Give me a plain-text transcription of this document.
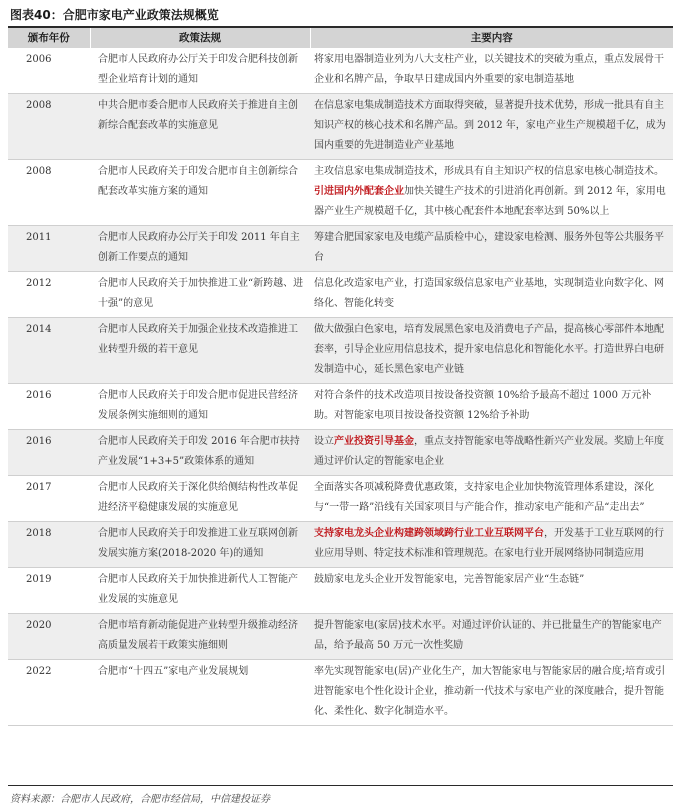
图表40：合肥市家电产业政策法规概览
颁布年份	政策法规	主要内容
2006	合肥市人民政府办公厅关于印发合肥科技创新型企业培育计划的通知	将家用电器制造业列为八大支柱产业，以关键技术的突破为重点，重点发展骨干企业和名牌产品，争取早日建成国内外重要的家电制造基地
2008	中共合肥市委合肥市人民政府关于推进自主创新综合配套改革的实施意见	在信息家电集成制造技术方面取得突破，显著提升技术优势，形成一批具有自主知识产权的核心技术和名牌产品。到 2012 年，家电产业生产规模超千亿，成为国内重要的先进制造业产业基地
2008	合肥市人民政府关于印发合肥市自主创新综合配套改革实施方案的通知	主攻信息家电集成制造技术，形成具有自主知识产权的信息家电核心制造技术。引进国内外配套企业加快关键生产技术的引进消化再创新。到 2012 年，家用电器产业生产规模超千亿，其中核心配套件本地配套率达到 50%以上
2011	合肥市人民政府办公厅关于印发 2011 年自主创新工作要点的通知	筹建合肥国家家电及电缆产品质检中心，建设家电检测、服务外包等公共服务平台
2012	合肥市人民政府关于加快推进工业“新跨越、进十强”的意见	信息化改造家电产业，打造国家级信息家电产业基地，实现制造业向数字化、网络化、智能化转变
2014	合肥市人民政府关于加强企业技术改造推进工业转型升级的若干意见	做大做强白色家电，培育发展黑色家电及消费电子产品，提高核心零部件本地配套率，引导企业应用信息技术，提升家电信息化和智能化水平。打造世界白电研发制造中心，延长黑色家电产业链
2016	合肥市人民政府关于印发合肥市促进民营经济发展条例实施细则的通知	对符合条件的技术改造项目按设备投资额 10%给予最高不超过 1000 万元补助。对智能家电项目按设备投资额 12%给予补助
2016	合肥市人民政府关于印发 2016 年合肥市扶持产业发展“1+3+5”政策体系的通知	设立产业投资引导基金，重点支持智能家电等战略性新兴产业发展。奖励上年度通过评价认定的智能家电企业
2017	合肥市人民政府关于深化供给侧结构性改革促进经济平稳健康发展的实施意见	全面落实各项减税降费优惠政策，支持家电企业加快物流管理体系建设，深化与“一带一路”沿线有关国家项目与产能合作，推动家电产能和产品“走出去”
2018	合肥市人民政府关于印发推进工业互联网创新发展实施方案(2018-2020 年)的通知	支持家电龙头企业构建跨领域跨行业工业互联网平台，开发基于工业互联网的行业应用导则、特定技术标准和管理规范。在家电行业开展网络协同制造应用
2019	合肥市人民政府关于加快推进新代人工智能产业发展的实施意见	鼓励家电龙头企业开发智能家电，完善智能家居产业“生态链”
2020	合肥市培育新动能促进产业转型升级推动经济高质量发展若干政策实施细则	提升智能家电(家居)技术水平。对通过评价认证的、并已批量生产的智能家电产品，给予最高 50 万元一次性奖励
2022	合肥市“十四五”家电产业发展规划	率先实现智能家电(居)产业化生产，加大智能家电与智能家居的融合度;培育或引进智能家电个性化设计企业，推动新一代技术与家电产业的深度融合，提升智能化、柔性化、数字化制造水平。
资料来源：合肥市人民政府，合肥市经信局，中信建投证券
